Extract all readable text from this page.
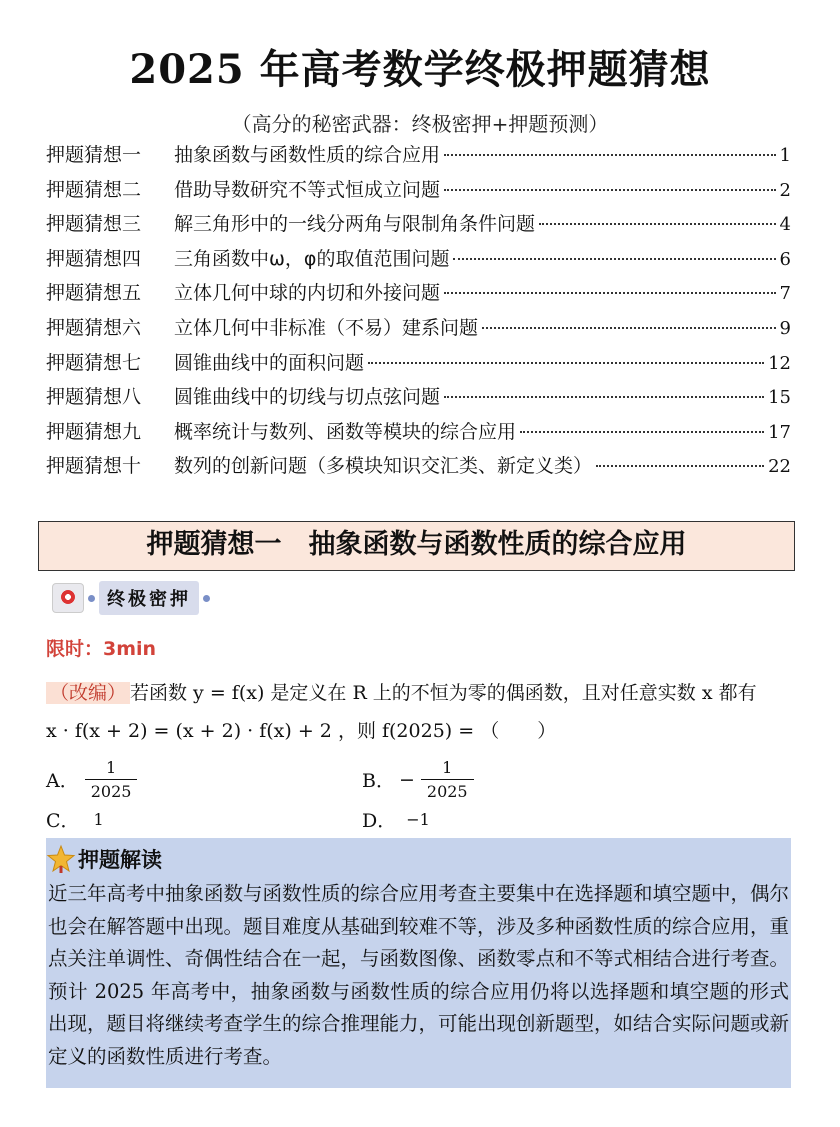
2025 年高考数学终极押题猜想
（高分的秘密武器：终极密押+押题预测）
押题猜想一	抽象函数与函数性质的综合应用	1
押题猜想二	借助导数研究不等式恒成立问题	2
押题猜想三	解三角形中的一线分两角与限制角条件问题	4
押题猜想四	三角函数中ω，φ的取值范围问题	6
押题猜想五	立体几何中球的内切和外接问题	7
押题猜想六	立体几何中非标准（不易）建系问题	9
押题猜想七	圆锥曲线中的面积问题	12
押题猜想八	圆锥曲线中的切线与切点弦问题	15
押题猜想九	概率统计与数列、函数等模块的综合应用	17
押题猜想十	数列的创新问题（多模块知识交汇类、新定义类）	22
押题猜想一　抽象函数与函数性质的综合应用
终极密押
限时：3min
（改编） 若函数 y = f(x) 是定义在 R 上的不恒为零的偶函数，且对任意实数 x 都有
x · f(x + 2) = (x + 2) · f(x) + 2 ，则 f(2025) = （　　）
A． $\frac{1}{2025}$	B． − $\frac{1}{2025}$
C． 1	D． −1
押题解读
近三年高考中抽象函数与函数性质的综合应用考查主要集中在选择题和填空题中，偶尔也会在解答题中出现。题目难度从基础到较难不等，涉及多种函数性质的综合应用，重点关注单调性、奇偶性结合在一起，与函数图像、函数零点和不等式相结合进行考查。预计 2025 年高考中，抽象函数与函数性质的综合应用仍将以选择题和填空题的形式出现，题目将继续考查学生的综合推理能力，可能出现创新题型，如结合实际问题或新定义的函数性质进行考查。
